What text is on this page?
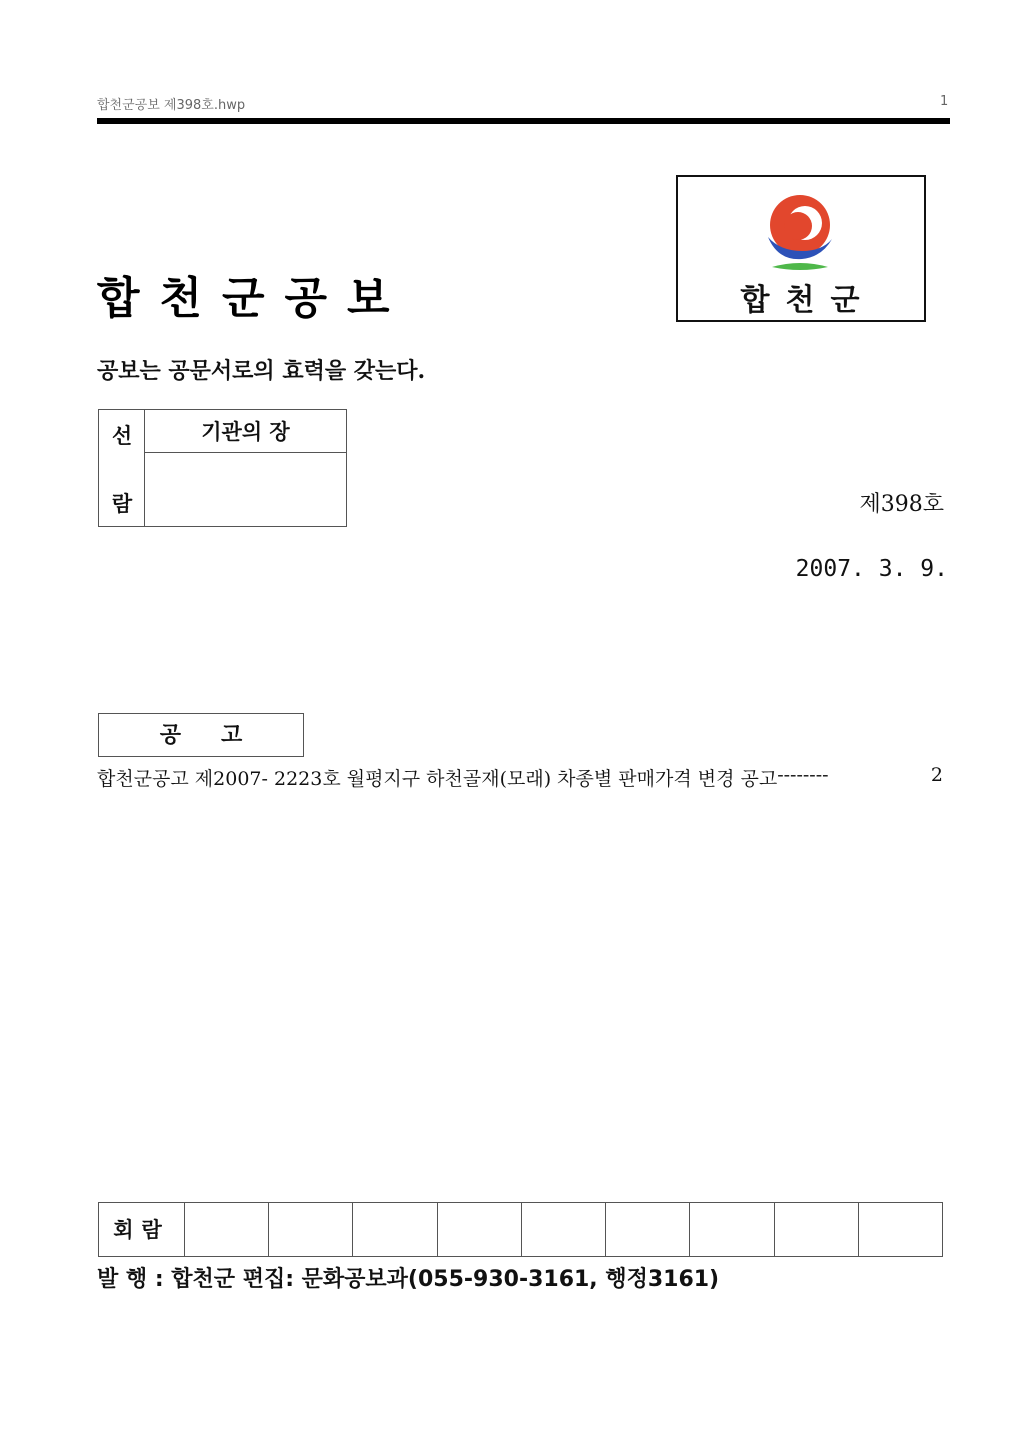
합천군공보 제398호.hwp	1
합천군
합천군공보
공보는 공문서로의 효력을 갖는다.
선
람
기관의 장
제398호
2007. 3. 9.
공고
합천군공고 제2007- 2223호 월평지구 하천골재(모래) 차종별 판매가격 변경 공고 --------	2
회람
발 행 : 합천군 편집: 문화공보과(055-930-3161, 행정3161)
